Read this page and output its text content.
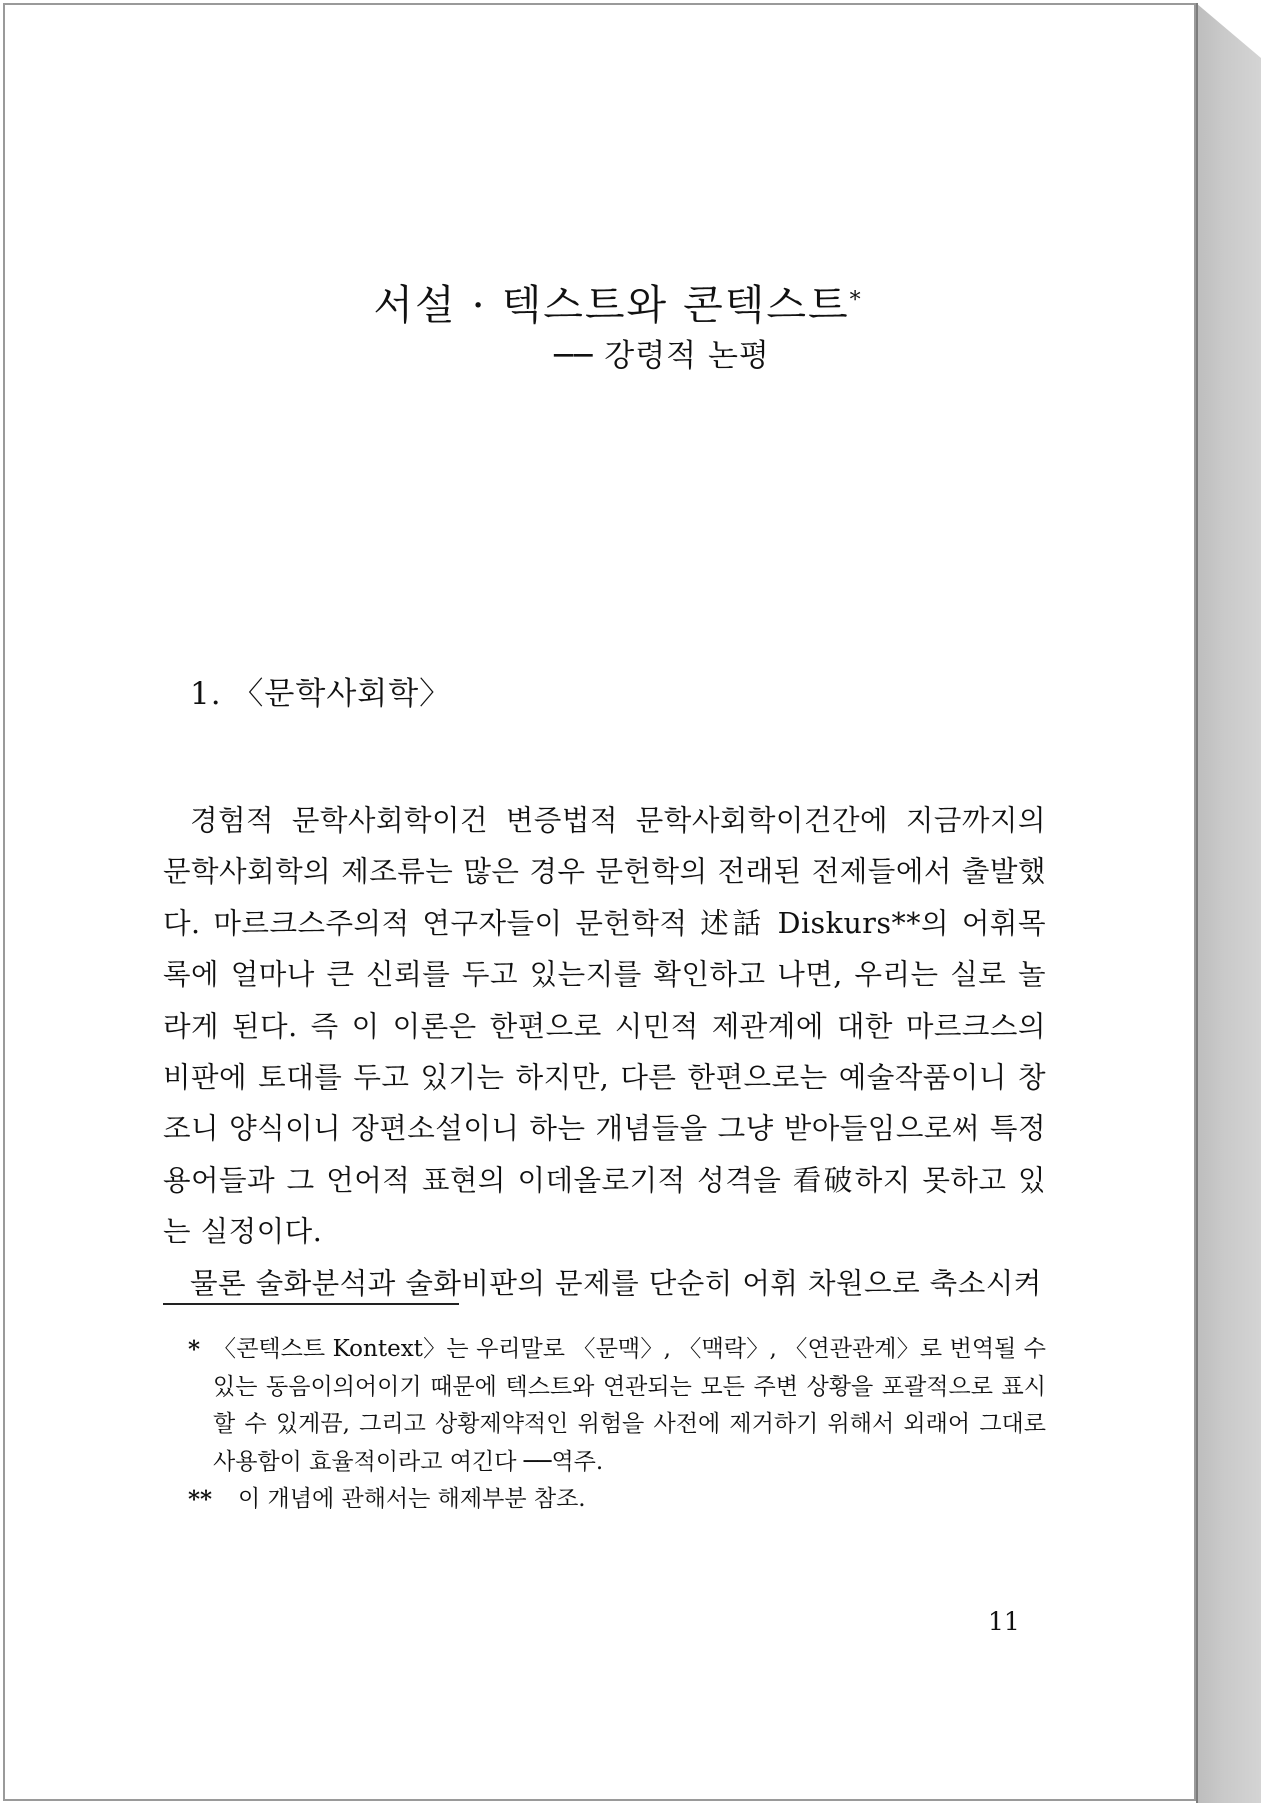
서설 · 텍스트와 콘텍스트*
── 강령적 논평
1. 〈문학사회학〉

경험적 문학사회학이건 변증법적 문학사회학이건간에 지금까지의 문학사회학의 제조류는 많은 경우 문헌학의 전래된 전제들에서 출발했다. 마르크스주의적 연구자들이 문헌학적 述話 Diskurs**의 어휘목록에 얼마나 큰 신뢰를 두고 있는지를 확인하고 나면, 우리는 실로 놀라게 된다. 즉 이 이론은 한편으로 시민적 제관계에 대한 마르크스의 비판에 토대를 두고 있기는 하지만, 다른 한편으로는 예술작품이니 창조니 양식이니 장편소설이니 하는 개념들을 그냥 받아들임으로써 특정 용어들과 그 언어적 표현의 이데올로기적 성격을 看破하지 못하고 있는 실정이다.

물론 술화분석과 술화비판의 문제를 단순히 어휘 차원으로 축소시켜

* 〈콘텍스트 Kontext〉는 우리말로 〈문맥〉, 〈맥락〉, 〈연관관계〉로 번역될 수 있는 동음이의어이기 때문에 텍스트와 연관되는 모든 주변 상황을 포괄적으로 표시할 수 있게끔, 그리고 상황제약적인 위험을 사전에 제거하기 위해서 외래어 그대로 사용함이 효율적이라고 여긴다 ──역주.
**	이 개념에 관해서는 해제부분 참조.
11
